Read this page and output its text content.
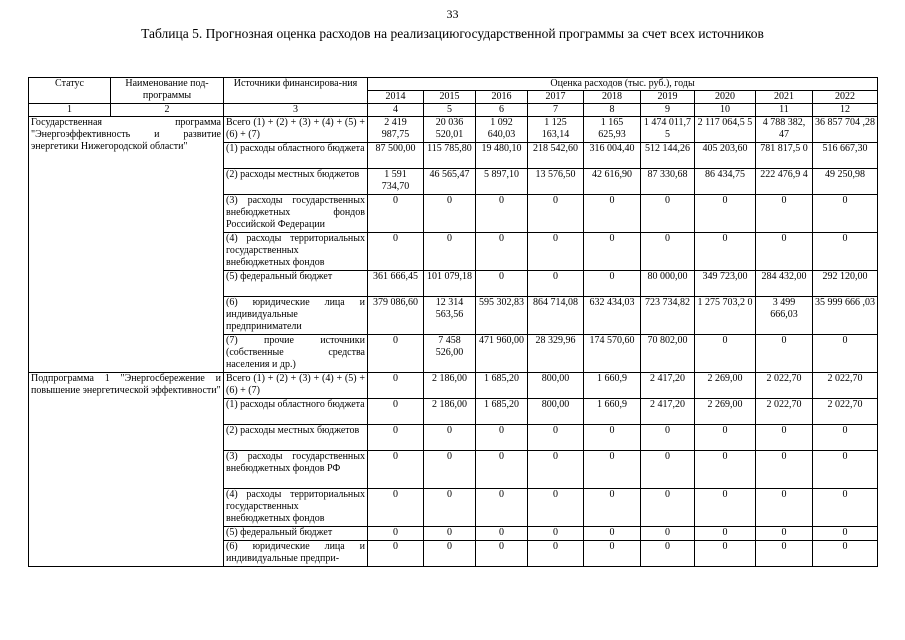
33
Таблица 5. Прогнозная оценка расходов на реализациюгосударственной программы за счет всех источников
Статус	Наименование под-программы	Источники финансирова-ния	Оценка расходов (тыс. руб.), годы								
			2014	2015	2016	2017	2018	2019	2020	2021	2022
1	2	3	4	5	6	7	8	9	10	11	12
Государственная программа "Энергоэффективность и развитие энергетики Нижегородской области"		Всего (1) + (2) + (3) + (4) + (5) + (6) + (7)	2 419 987,75	20 036 520,01	1 092 640,03	1 125 163,14	1 165 625,93	1 474 011,7 5	2 117 064,5 5	4 788 382, 47	36 857 704 ,28
		(1) расходы областного бюджета	87 500,00	115 785,80	19 480,10	218 542,60	316 004,40	512 144,26	405 203,60	781 817,5 0	516 667,30
		(2) расходы местных бюджетов	1 591 734,70	46 565,47	5 897,10	13 576,50	42 616,90	87 330,68	86 434,75	222 476,9 4	49 250,98
		(3) расходы государственных внебюджетных фондов Российской Федерации	0	0	0	0	0	0	0	0	0
		(4) расходы территориальных государственных внебюджетных фондов	0	0	0	0	0	0	0	0	0
		(5) федеральный бюджет	361 666,45	101 079,18	0	0	0	80 000,00	349 723,00	284 432,00	292 120,00
		(6) юридические лица и индивидуальные предприниматели	379 086,60	12 314 563,56	595 302,83	864 714,08	632 434,03	723 734,82	1 275 703,2 0	3 499 666,03	35 999 666 ,03
		(7) прочие источники (собственные средства населения и др.)	0	7 458 526,00	471 960,00	28 329,96	174 570,60	70 802,00	0	0	0
Подпрограмма 1 "Энергосбережение и повышение энергетической эффективности"		Всего (1) + (2) + (3) + (4) + (5) + (6) + (7)	0	2 186,00	1 685,20	800,00	1 660,9	2 417,20	2 269,00	2 022,70	2 022,70
		(1) расходы областного бюджета	0	2 186,00	1 685,20	800,00	1 660,9	2 417,20	2 269,00	2 022,70	2 022,70
		(2) расходы местных бюджетов	0	0	0	0	0	0	0	0	0
		(3) расходы государственных внебюджетных фондов РФ	0	0	0	0	0	0	0	0	0
		(4) расходы территориальных государственных внебюджетных фондов	0	0	0	0	0	0	0	0	0
		(5) федеральный бюджет	0	0	0	0	0	0	0	0	0
		(6) юридические лица и индивидуальные предпри-	0	0	0	0	0	0	0	0	0
